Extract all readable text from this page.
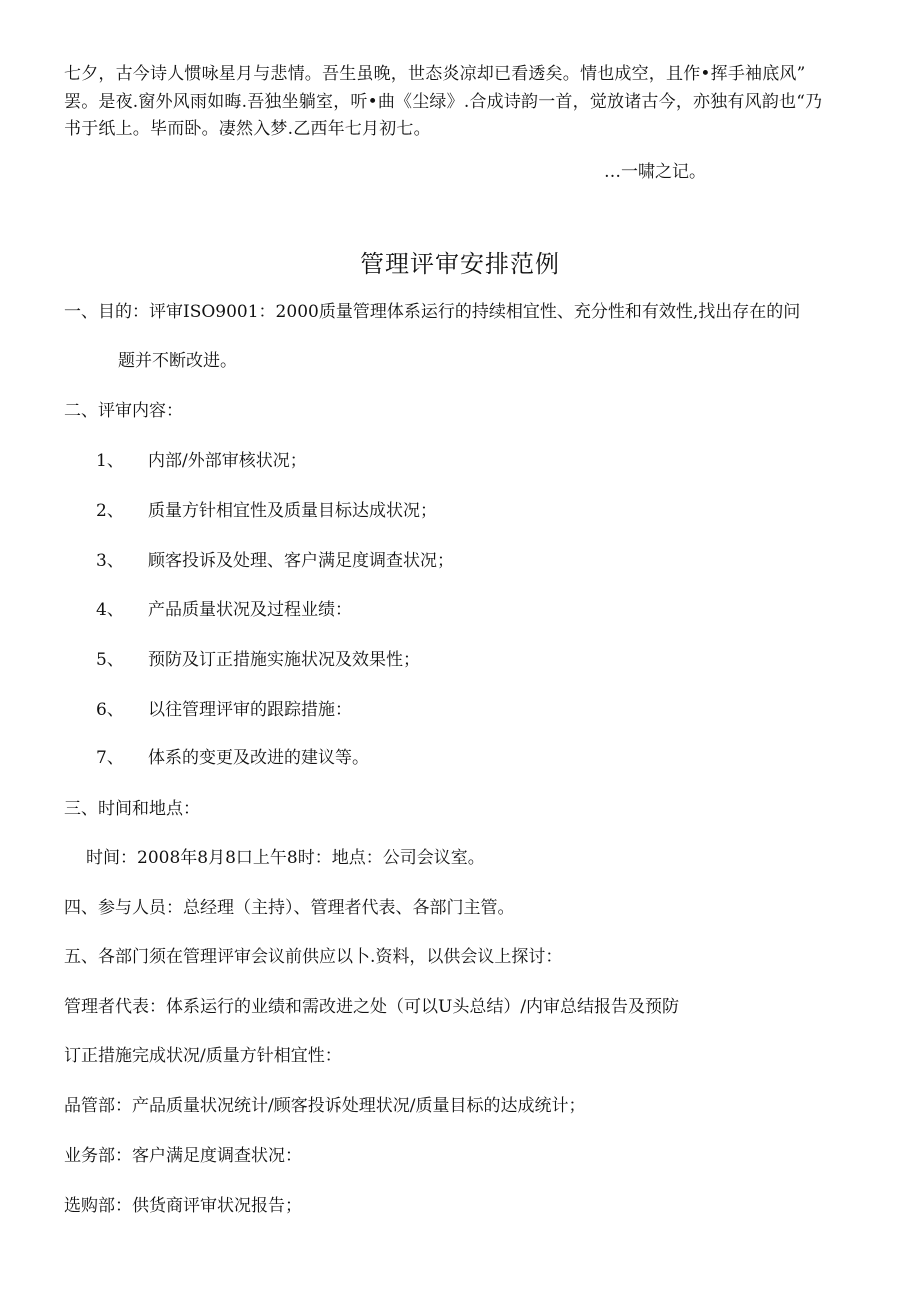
七夕，古今诗人惯咏星月与悲情。吾生虽晚，世态炎凉却已看透矣。情也成空，且作•挥手袖底风”
罢。是夜.窗外风雨如晦.吾独坐躺室，听•曲《尘绿》.合成诗韵一首，觉放诸古今，亦独有风韵也“乃
书于纸上。毕而卧。凄然入梦.乙西年七月初七。
…一啸之记。
管理评审安排范例
一、目的：评审ISO9001：2000质量管理体系运行的持续相宜性、充分性和有效性,找出存在的问
题并不断改进。
二、评审内容：
1、 内部/外部审核状况；
2、 质量方针相宜性及质量目标达成状况；
3、 顾客投诉及处理、客户满足度调查状况；
4、 产品质量状况及过程业绩：
5、 预防及订正措施实施状况及效果性；
6、 以往管理评审的跟踪措施：
7、 体系的变更及改进的建议等。
三、时间和地点：
时间：2008年8月8口上午8时：地点：公司会议室。
四、参与人员：总经理（主持）、管理者代表、各部门主管。
五、各部门须在管理评审会议前供应以卜.资料，以供会议上探讨：
管理者代表：体系运行的业绩和需改进之处（可以U头总结）/内审总结报告及预防
订正措施完成状况/质量方针相宜性：
品管部：产品质量状况统计/顾客投诉处理状况/质量目标的达成统计；
业务部：客户满足度调查状况：
选购部：供货商评审状况报告；
